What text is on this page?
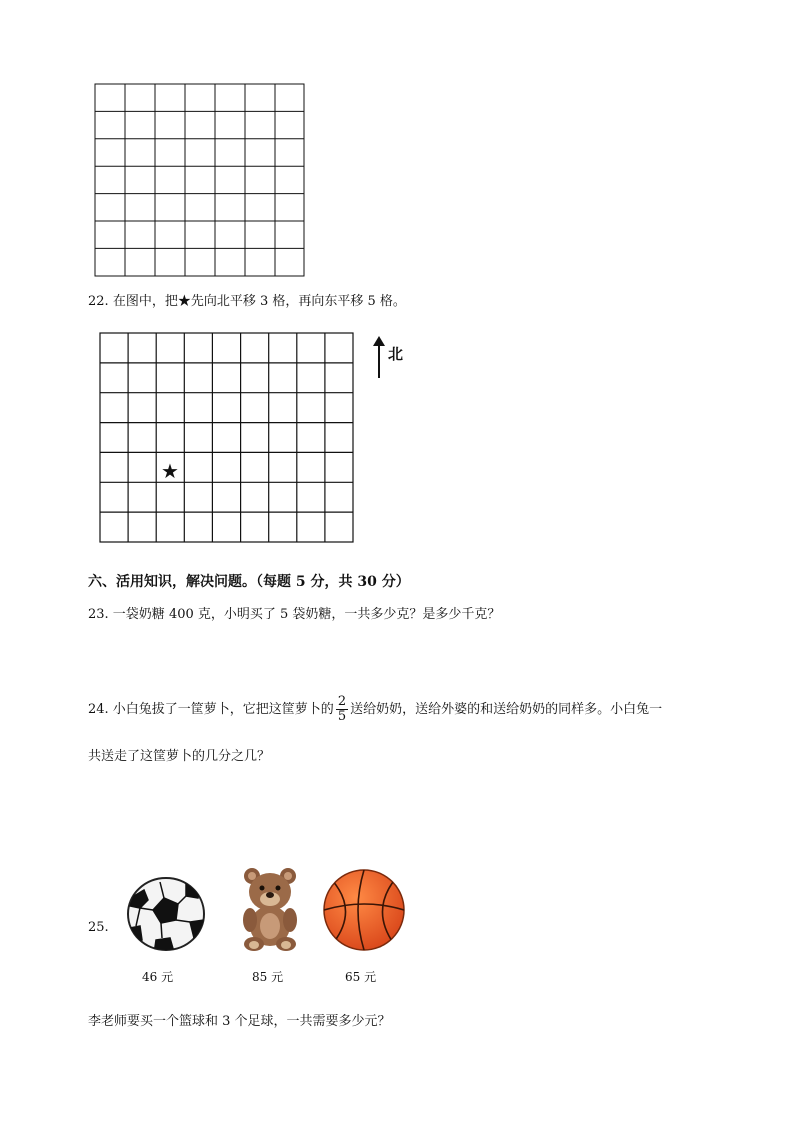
22. 在图中，把★先向北平移 3 格，再向东平移 5 格。
★
北
六、活用知识，解决问题。（每题 5 分，共 30 分）
23. 一袋奶糖 400 克，小明买了 5 袋奶糖，一共多少克？是多少千克？
24. 小白兔拔了一筐萝卜，它把这筐萝卜的 $\frac{2}{5}$ 送给奶奶，送给外婆的和送给奶奶的同样多。小白兔一
共送走了这筐萝卜的几分之几？
25.
46 元	85 元	65 元
李老师要买一个篮球和 3 个足球，一共需要多少元？
